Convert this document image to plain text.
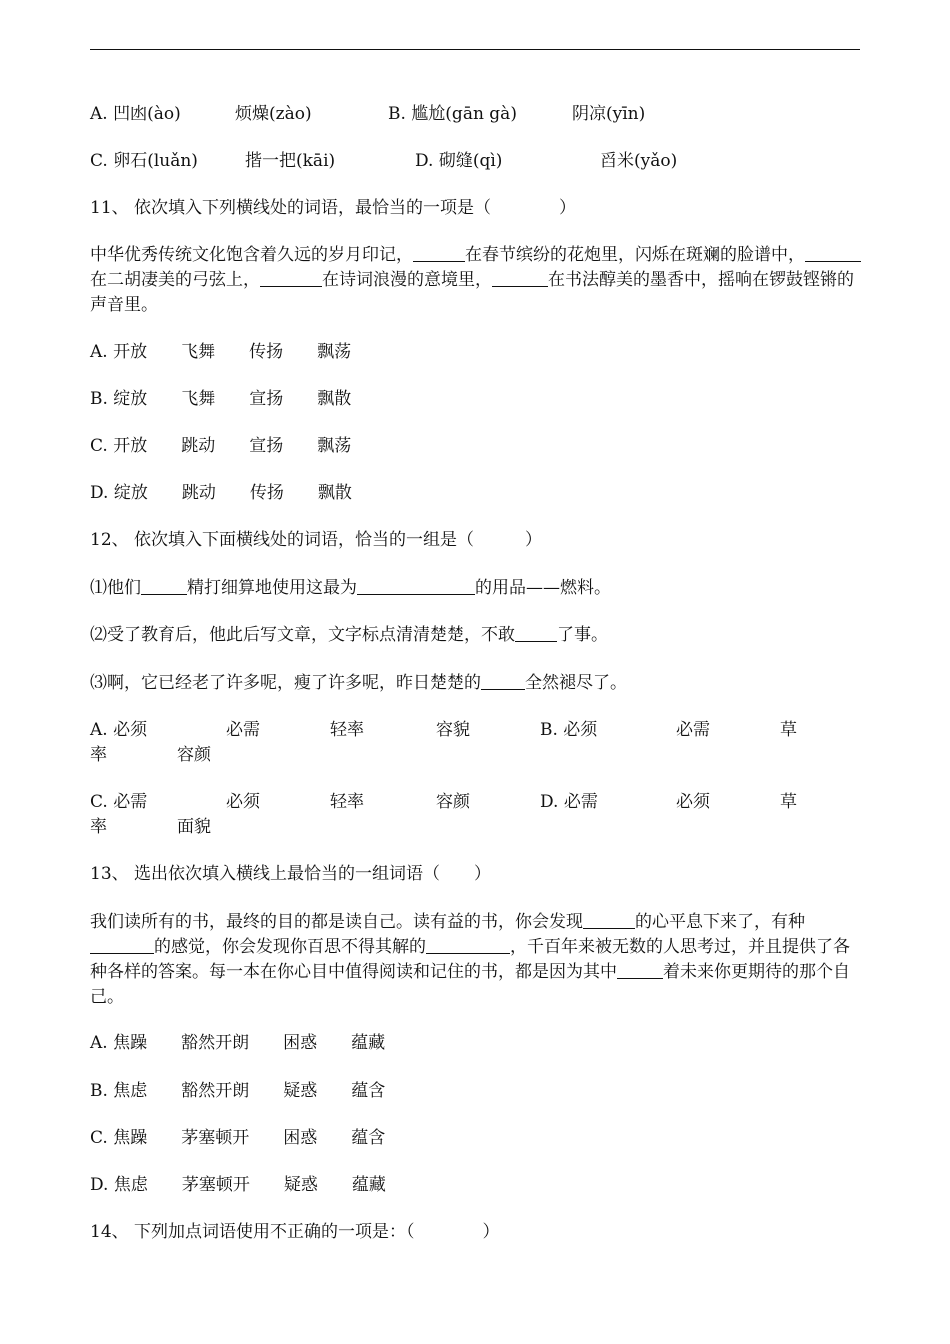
A. 凹凼(ào)	烦燥(zào)	B. 尴尬(gān gà)	阴凉(yīn)
C. 卵石(luǎn)	揩一把(kāi)	D. 砌缝(qì)	舀米(yǎo)
11、 依次填入下列横线处的词语，最恰当的一项是（　　　　）
中华优秀传统文化饱含着久远的岁月印记，	在春节缤纷的花炮里，闪烁在斑斓的脸谱中，在二胡凄美的弓弦上，	在诗词浪漫的意境里，	在书法醇美的墨香中，摇响在锣鼓铿锵的声音里。
A. 开放　　飞舞　　传扬　　飘荡
B. 绽放　　飞舞　　宣扬　　飘散
C. 开放　　跳动　　宣扬　　飘荡
D. 绽放　　跳动　　传扬　　飘散
12、 依次填入下面横线处的词语，恰当的一组是（　　　）
⑴他们	精打细算地使用这最为	的用品——燃料。
⑵受了教育后，他此后写文章，文字标点清清楚楚，不敢 了事。
⑶啊，它已经老了许多呢，瘦了许多呢，昨日楚楚的	全然褪尽了。
A. 必须	必需	轻率	容貌	B. 必须	必需	草
率	容颜
C. 必需	必须	轻率	容颜	D. 必需	必须	草
率	面貌
13、 选出依次填入横线上最恰当的一组词语（　　）
我们读所有的书，最终的目的都是读自己。读有益的书，你会发现	的心平息下来了，有种的感觉，你会发现你百思不得其解的	，千百年来被无数的人思考过，并且提供了各种各样的答案。每一本在你心目中值得阅读和记住的书，都是因为其中	着未来你更期待的那个自己。
A. 焦躁　　豁然开朗　　困惑　　蕴藏
B. 焦虑　　豁然开朗　　疑惑　　蕴含
C. 焦躁　　茅塞顿开　　困惑　　蕴含
D. 焦虑　　茅塞顿开　　疑惑　　蕴藏
14、 下列加点词语使用不正确的一项是：（　　　　）
